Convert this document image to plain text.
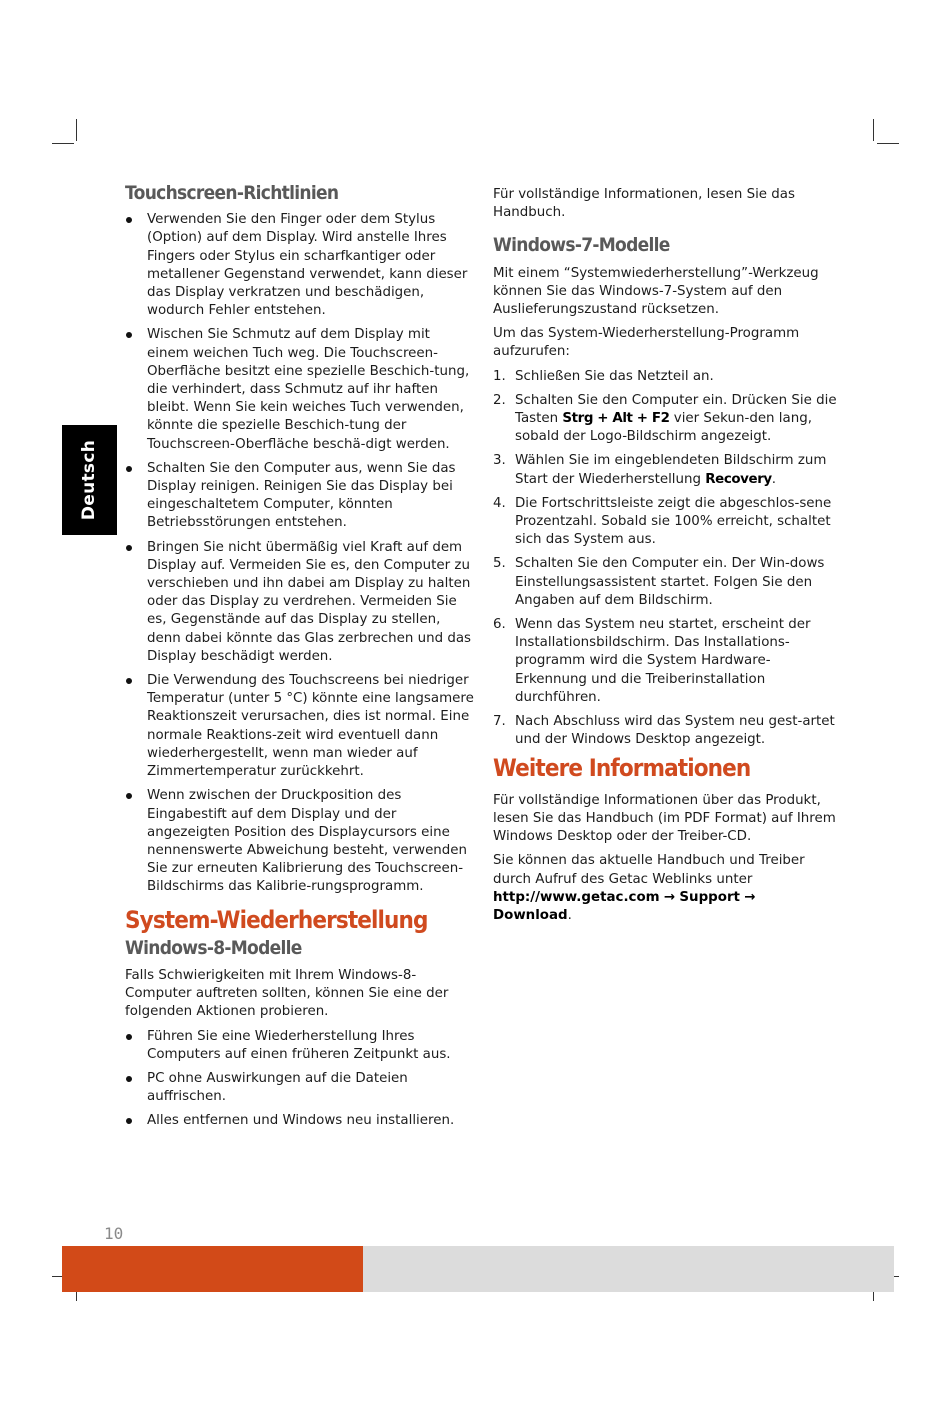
Deutsch
Touchscreen-Richtlinien
Verwenden Sie den Finger oder dem Stylus (Option) auf dem Display. Wird anstelle Ihres Fingers oder Stylus ein scharfkantiger oder metallener Gegenstand verwendet, kann dieser das Display verkratzen und beschädigen, wodurch Fehler entstehen.
Wischen Sie Schmutz auf dem Display mit einem weichen Tuch weg. Die Touchscreen-Oberfläche besitzt eine spezielle Beschich-tung, die verhindert, dass Schmutz auf ihr haften bleibt. Wenn Sie kein weiches Tuch verwenden, könnte die spezielle Beschich-tung der Touchscreen-Oberfläche beschä-digt werden.
Schalten Sie den Computer aus, wenn Sie das Display reinigen. Reinigen Sie das Display bei eingeschaltetem Computer, könnten Betriebsstörungen entstehen.
Bringen Sie nicht übermäßig viel Kraft auf dem Display auf. Vermeiden Sie es, den Computer zu verschieben und ihn dabei am Display zu halten oder das Display zu verdrehen. Vermeiden Sie es, Gegenstände auf das Display zu stellen, denn dabei könnte das Glas zerbrechen und das Display beschädigt werden.
Die Verwendung des Touchscreens bei niedriger Temperatur (unter 5 °C) könnte eine langsamere Reaktionszeit verursachen, dies ist normal. Eine normale Reaktions-zeit wird eventuell dann wiederhergestellt, wenn man wieder auf Zimmertemperatur zurückkehrt.
Wenn zwischen der Druckposition des Eingabestift auf dem Display und der angezeigten Position des Displaycursors eine nennenswerte Abweichung besteht, verwenden Sie zur erneuten Kalibrierung des Touchscreen-Bildschirms das Kalibrie-rungsprogramm.
System-Wiederherstellung
Windows-8-Modelle

Falls Schwierigkeiten mit Ihrem Windows-8-Computer auftreten sollten, können Sie eine der folgenden Aktionen probieren.

Führen Sie eine Wiederherstellung Ihres Computers auf einen früheren Zeitpunkt aus.
PC ohne Auswirkungen auf die Dateien auffrischen.
Alles entfernen und Windows neu installieren.

Für vollständige Informationen, lesen Sie das Handbuch.

Windows-7-Modelle

Mit einem “Systemwiederherstellung”-Werkzeug können Sie das Windows-7-System auf den Auslieferungszustand rücksetzen.

Um das System-Wiederherstellung-Programm aufzurufen:

1. Schließen Sie das Netzteil an.
2. Schalten Sie den Computer ein. Drücken Sie die Tasten Strg + Alt + F2 vier Sekun-den lang, sobald der Logo-Bildschirm angezeigt.
3. Wählen Sie im eingeblendeten Bildschirm zum Start der Wiederherstellung Recovery.
4. Die Fortschrittsleiste zeigt die abgeschlos-sene Prozentzahl. Sobald sie 100% erreicht, schaltet sich das System aus.
5. Schalten Sie den Computer ein. Der Win-dows Einstellungsassistent startet. Folgen Sie den Angaben auf dem Bildschirm.
6. Wenn das System neu startet, erscheint der Installationsbildschirm. Das Installations-programm wird die System Hardware-Erkennung und die Treiberinstallation durchführen.
7. Nach Abschluss wird das System neu gest-artet und der Windows Desktop angezeigt.
Weitere Informationen

Für vollständige Informationen über das Produkt, lesen Sie das Handbuch (im PDF Format) auf Ihrem Windows Desktop oder der Treiber-CD.

Sie können das aktuelle Handbuch und Treiber durch Aufruf des Getac Weblinks unter http://www.getac.com → Support → Download.

10
